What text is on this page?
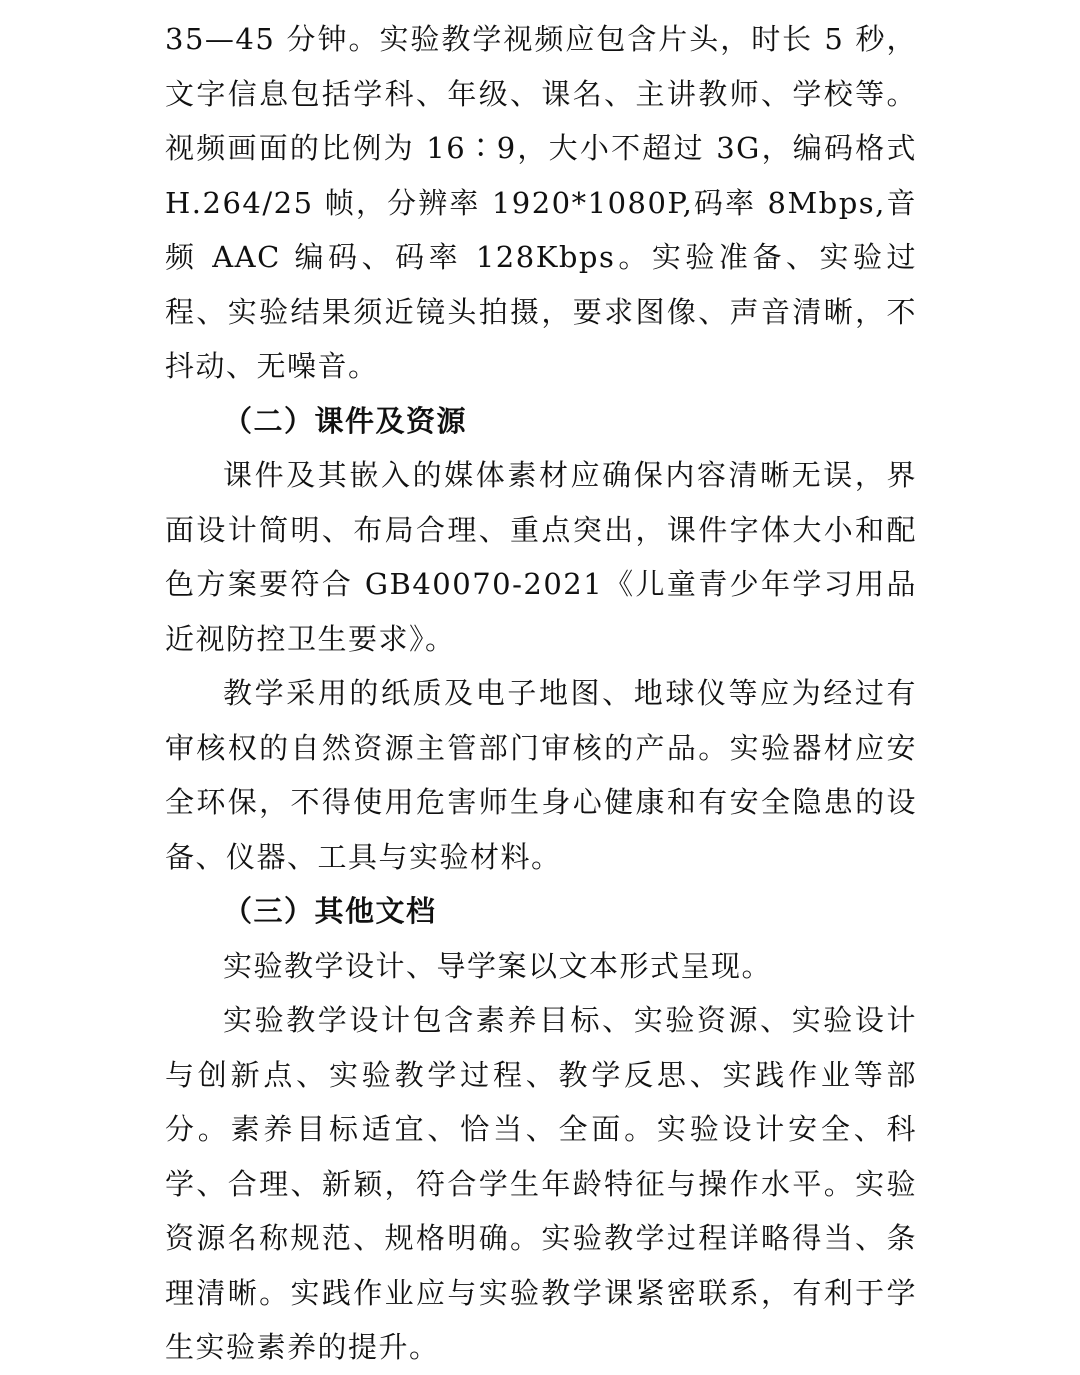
35—45 分钟。实验教学视频应包含片头，时长 5 秒，文字信息包括学科、年级、课名、主讲教师、学校等。视频画面的比例为 16∶9，大小不超过 3G，编码格式 H.264/25 帧，分辨率 1920*1080P,码率 8Mbps,音频 AAC 编码、码率 128Kbps。实验准备、实验过程、实验结果须近镜头拍摄，要求图像、声音清晰，不抖动、无噪音。

（二）课件及资源

课件及其嵌入的媒体素材应确保内容清晰无误，界面设计简明、布局合理、重点突出，课件字体大小和配色方案要符合 GB40070-2021《儿童青少年学习用品近视防控卫生要求》。

教学采用的纸质及电子地图、地球仪等应为经过有审核权的自然资源主管部门审核的产品。实验器材应安全环保，不得使用危害师生身心健康和有安全隐患的设备、仪器、工具与实验材料。

（三）其他文档

实验教学设计、导学案以文本形式呈现。

实验教学设计包含素养目标、实验资源、实验设计与创新点、实验教学过程、教学反思、实践作业等部分。素养目标适宜、恰当、全面。实验设计安全、科学、合理、新颖，符合学生年龄特征与操作水平。实验资源名称规范、规格明确。实验教学过程详略得当、条理清晰。实践作业应与实验教学课紧密联系，有利于学生实验素养的提升。
